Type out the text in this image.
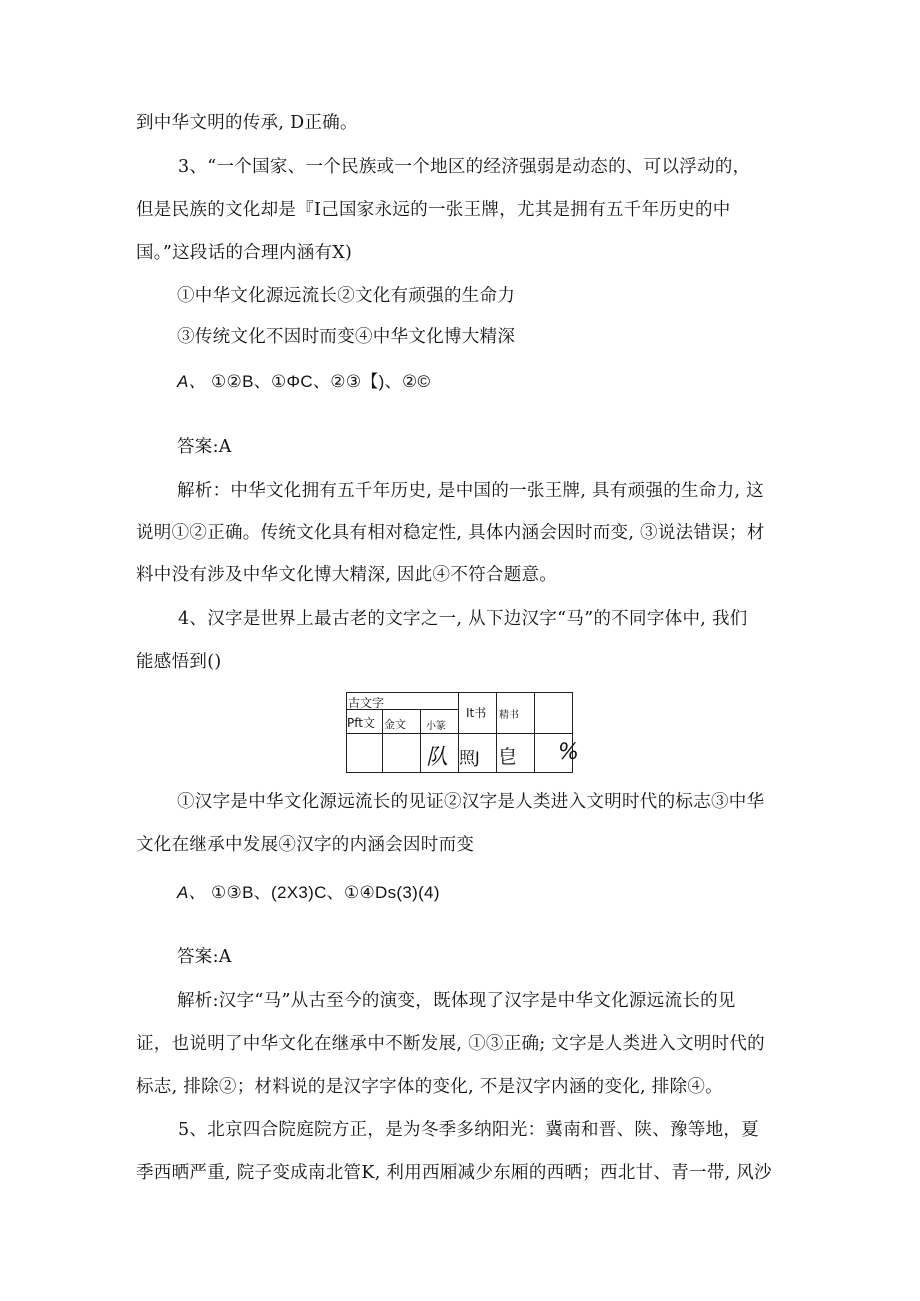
到中华文明的传承, D正确。
3、“一个国家、一个民族或一个地区的经济强弱是动态的、可以浮动的，
但是民族的文化却是『I己国家永远的一张王牌，尤其是拥有五千年历史的中
国。”这段话的合理内涵有X)
①中华文化源远流长②文化有顽强的生命力
③传统文化不因时而变④中华文化博大精深
A、 ①②B、①ΦC、②③【)、②©
答案:A
解析：中华文化拥有五千年历史, 是中国的一张王牌, 具有顽强的生命力, 这
说明①②正确。传统文化具有相对稳定性, 具体内涵会因时而变, ③说法错误；材
料中没有涉及中华文化博大精深, 因此④不符合题意。
4、汉字是世界上最古老的文字之一, 从下边汉字“马”的不同字体中, 我们
能感悟到()
古文字
Pft文 金文 小篆
It书 精书
队 照J 皀 %
①汉字是中华文化源远流长的见证②汉字是人类进入文明时代的标志③中华
文化在继承中发展④汉字的内涵会因时而变
A、 ①③B、(2X3)C、①④Ds(3)(4)
答案:A
解析:汉字“马”从古至今的演变，既体现了汉字是中华文化源远流长的见
证，也说明了中华文化在继承中不断发展, ①③正确; 文字是人类进入文明时代的
标志, 排除②；材料说的是汉字字体的变化, 不是汉字内涵的变化, 排除④。
5、北京四合院庭院方正，是为冬季多纳阳光：冀南和晋、陕、豫等地，夏
季西晒严重, 院子变成南北管K, 利用西厢减少东厢的西晒；西北甘、青一带, 风沙
